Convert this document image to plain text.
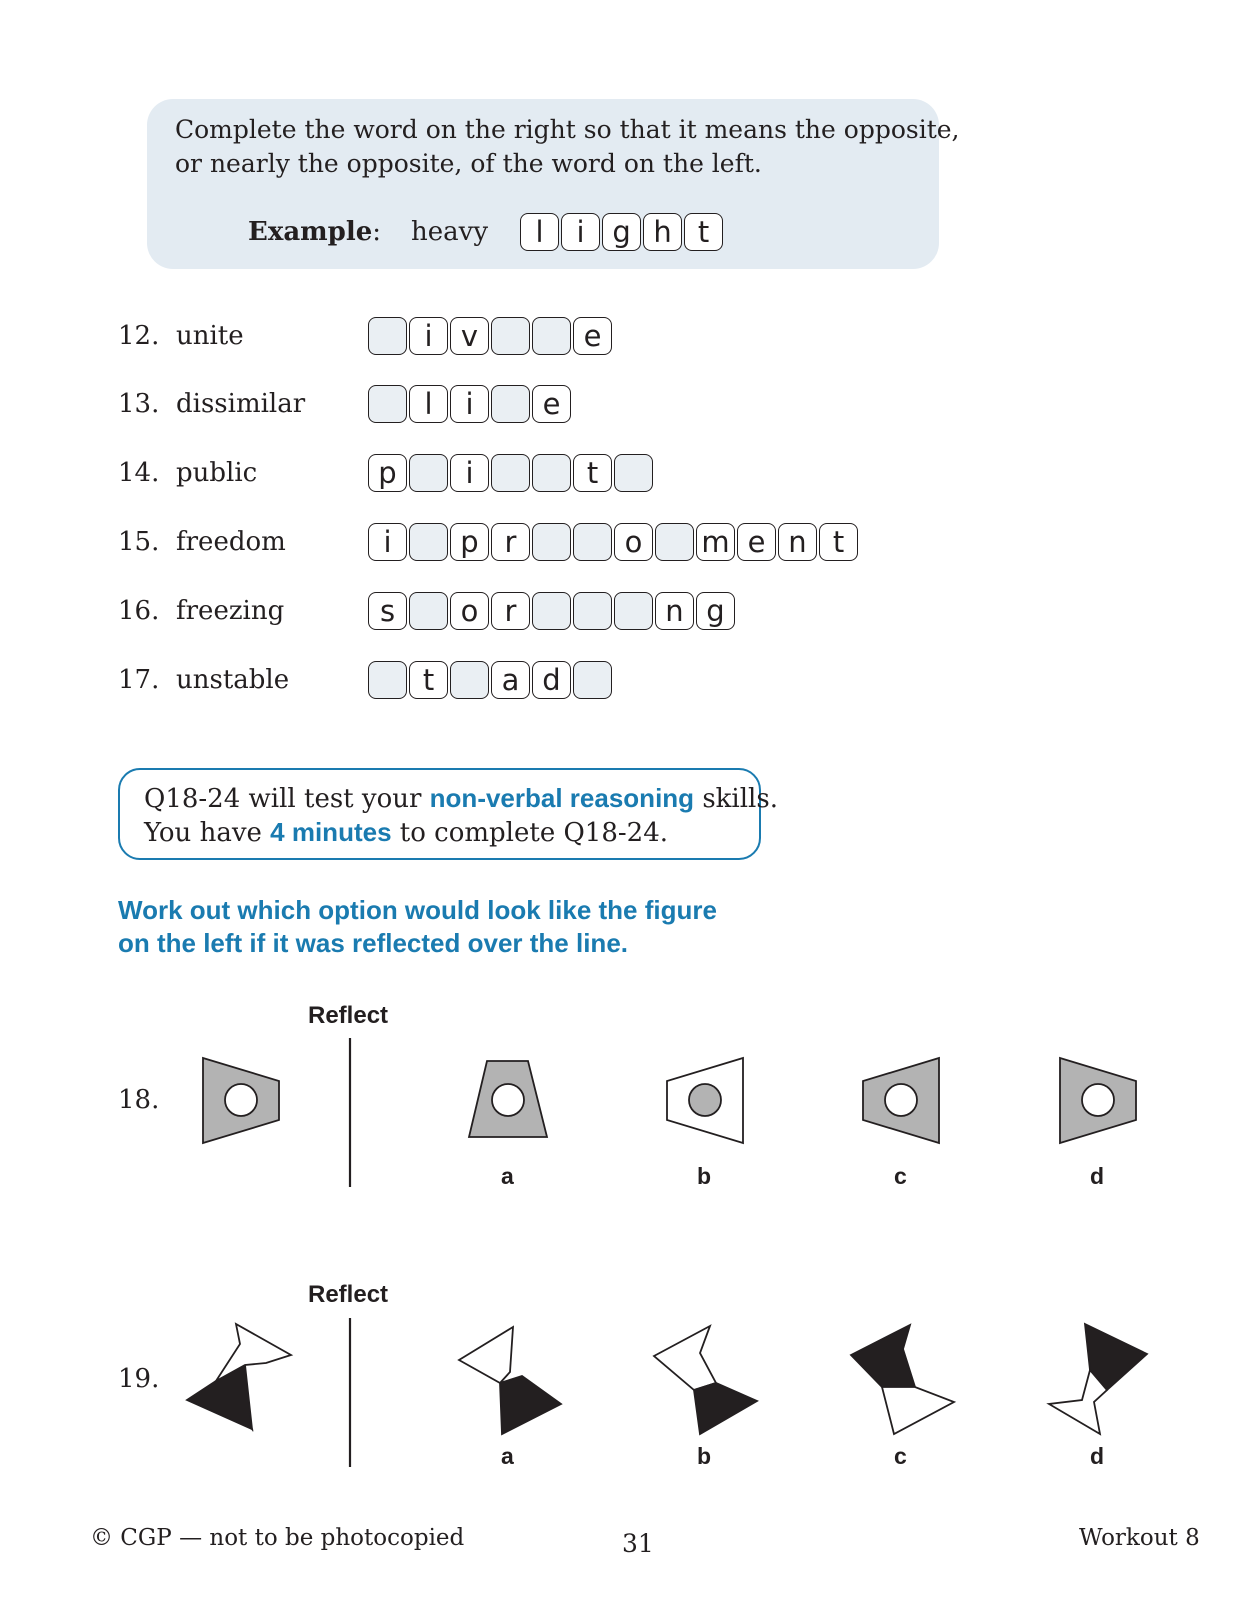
Complete the word on the right so that it means the opposite,
or nearly the opposite, of the word on the left.
Example : heavy	l	i g h t
12. unite	i v	e
13. dissimilar	l	i	e
14. public	p	i	t
15. freedom	i	p r	o	m e n t
16. freezing	s	o r	n g
17. unstable	t	a d
Q18-24 will test your non-verbal reasoning skills.
You have 4 minutes to complete Q18-24.
Work out which option would look like the figure
on the left if it was reflected over the line.
18.
Reflect
a	b	c	d
19.
Reflect
a	b	c	d
© CGP — not to be photocopied	31	Workout 8
